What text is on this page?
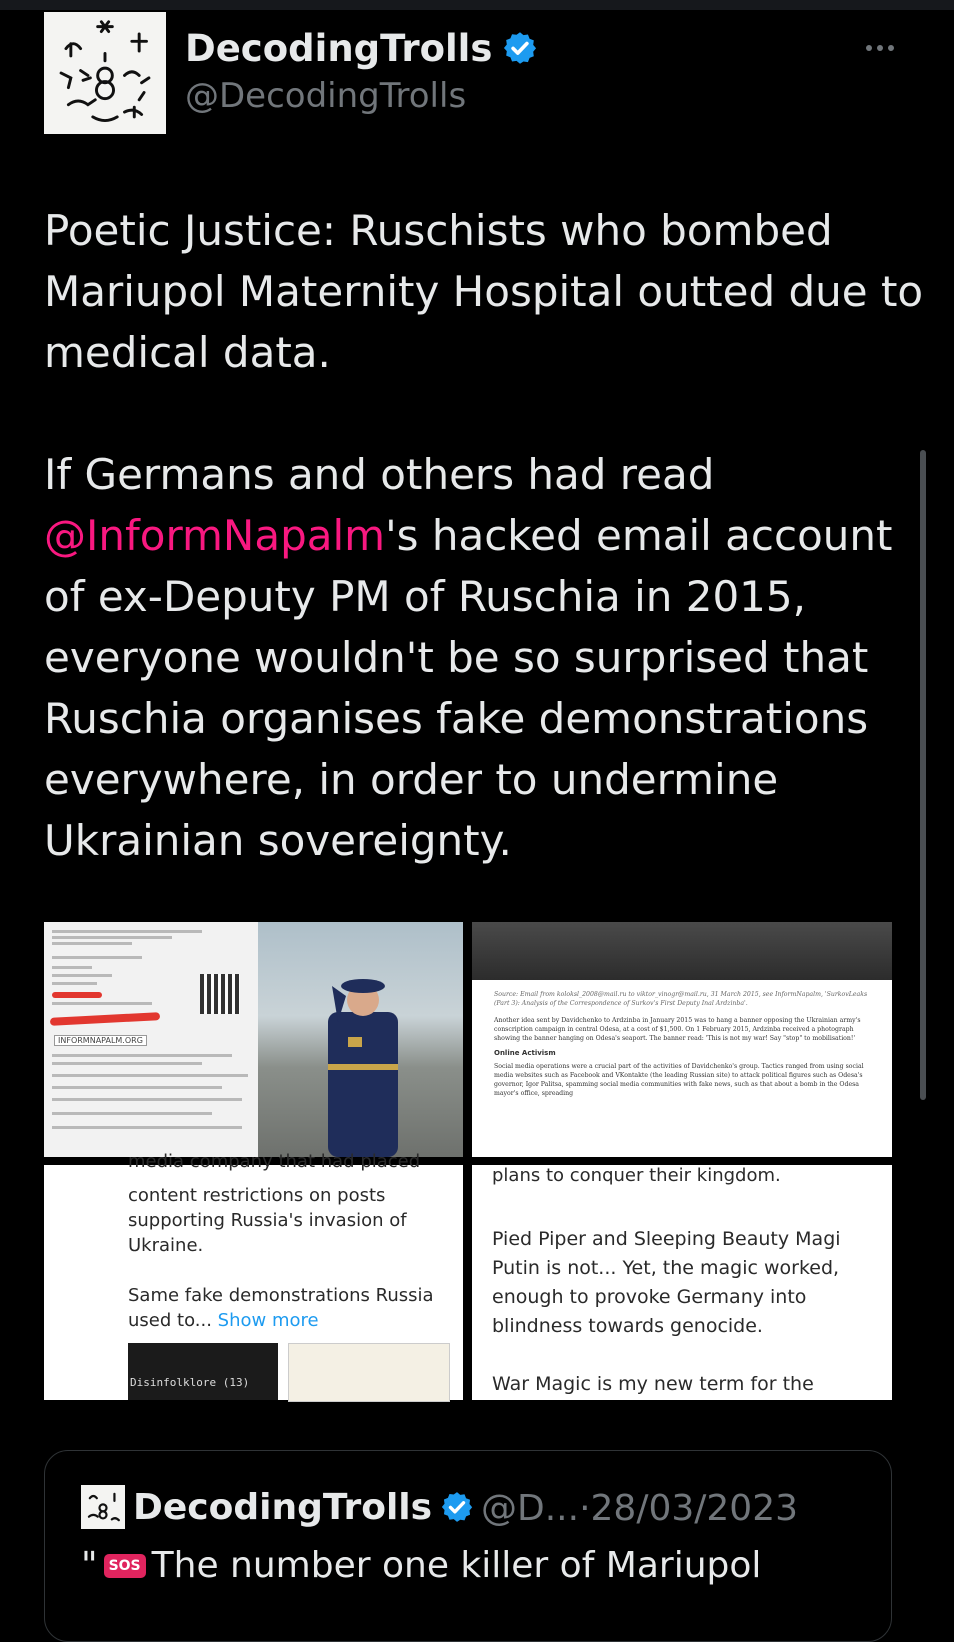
DecodingTrolls
@DecodingTrolls

Poetic Justice: Ruschists who bombed Mariupol Maternity Hospital outted due to medical data.

If Germans and others had read @InformNapalm's hacked email account of ex-Deputy PM of Ruschia in 2015, everyone wouldn't be so surprised that Ruschia organises fake demonstrations everywhere, in order to undermine Ukrainian sovereignty.

INFORMNAPALM.ORG

Source: Email from koloksl_2008@mail.ru to viktor_vinogr@mail.ru, 31 March 2015, see InformNapalm, 'SurkovLeaks (Part 3): Analysis of the Correspondence of Surkov's First Deputy Inal Ardzinba'.

Another idea sent by Davidchenko to Ardzinba in January 2015 was to hang a banner opposing the Ukrainian army's conscription campaign in central Odesa, at a cost of $1,500. On 1 February 2015, Ardzinba received a photograph showing the banner hanging on Odesa's seaport. The banner read: 'This is not my war! Say "stop" to mobilisation!'

Online Activism

Social media operations were a crucial part of the activities of Davidchenko's group. Tactics ranged from using social media websites such as Facebook and VKontakte (the leading Russian site) to attack political figures such as Odesa's governor, Igor Palitsa, spamming social media communities with fake news, such as that about a bomb in the Odesa mayor's office, spreading

media company that had placed

content restrictions on posts supporting Russia's invasion of Ukraine.

Same fake demonstrations Russia used to... Show more

Disinfolklore (13)
plans to conquer their kingdom.

Pied Piper and Sleeping Beauty Magi Putin is not... Yet, the magic worked, enough to provoke Germany into blindness towards genocide.

War Magic is my new term for the

DecodingTrolls @D... · 28/03/2023
" SOS The number one killer of Mariupol
